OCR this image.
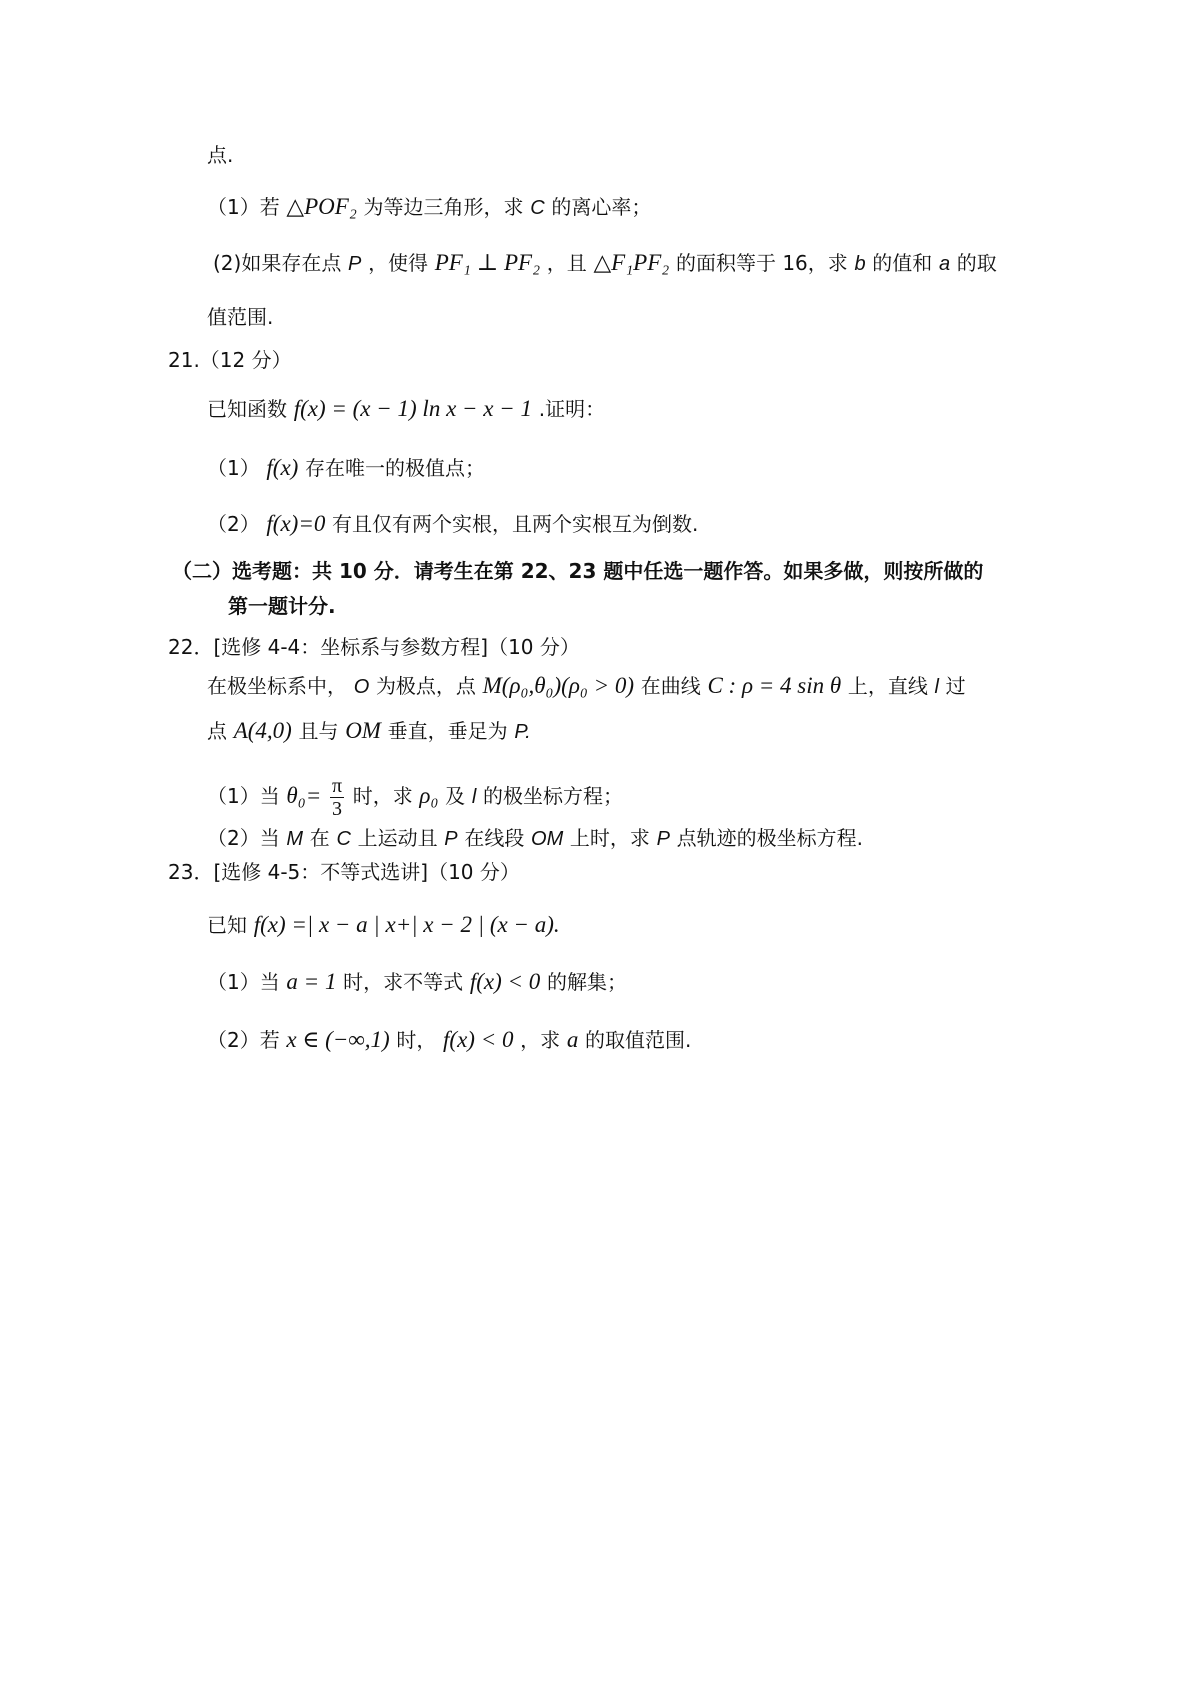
点.
（1）若 △POF₂ 为等边三角形，求 C 的离心率；
(2)如果存在点 P ，使得 PF₁ ⊥ PF₂ ，且 △F₁PF₂ 的面积等于 16，求 b 的值和 a 的取
值范围.
21.（12 分）
已知函数 f(x) = (x − 1) ln x − x − 1 .证明：
（1） f(x) 存在唯一的极值点；
（2） f(x)=0 有且仅有两个实根，且两个实根互为倒数.
（二）选考题：共 10 分．请考生在第 22、23 题中任选一题作答。如果多做，则按所做的
第一题计分.
22．[选修 4-4：坐标系与参数方程]（10 分）
在极坐标系中， O 为极点，点 M(ρ₀,θ₀)(ρ₀ > 0) 在曲线 C : ρ = 4 sin θ 上，直线 l 过
点 A(4,0) 且与 OM 垂直，垂足为 P.
（1）当 $\theta_0= \frac{\pi}{3}$ 时，求 ρ₀ 及 l 的极坐标方程；
（2）当 M 在 C 上运动且 P 在线段 OM 上时，求 P 点轨迹的极坐标方程.
23．[选修 4-5：不等式选讲]（10 分）
已知 f(x) =| x − a | x+| x − 2 | (x − a).
（1）当 a = 1 时，求不等式 f(x) < 0 的解集；
（2）若 x ∈ (−∞,1) 时， f(x) < 0 ，求 a 的取值范围.
